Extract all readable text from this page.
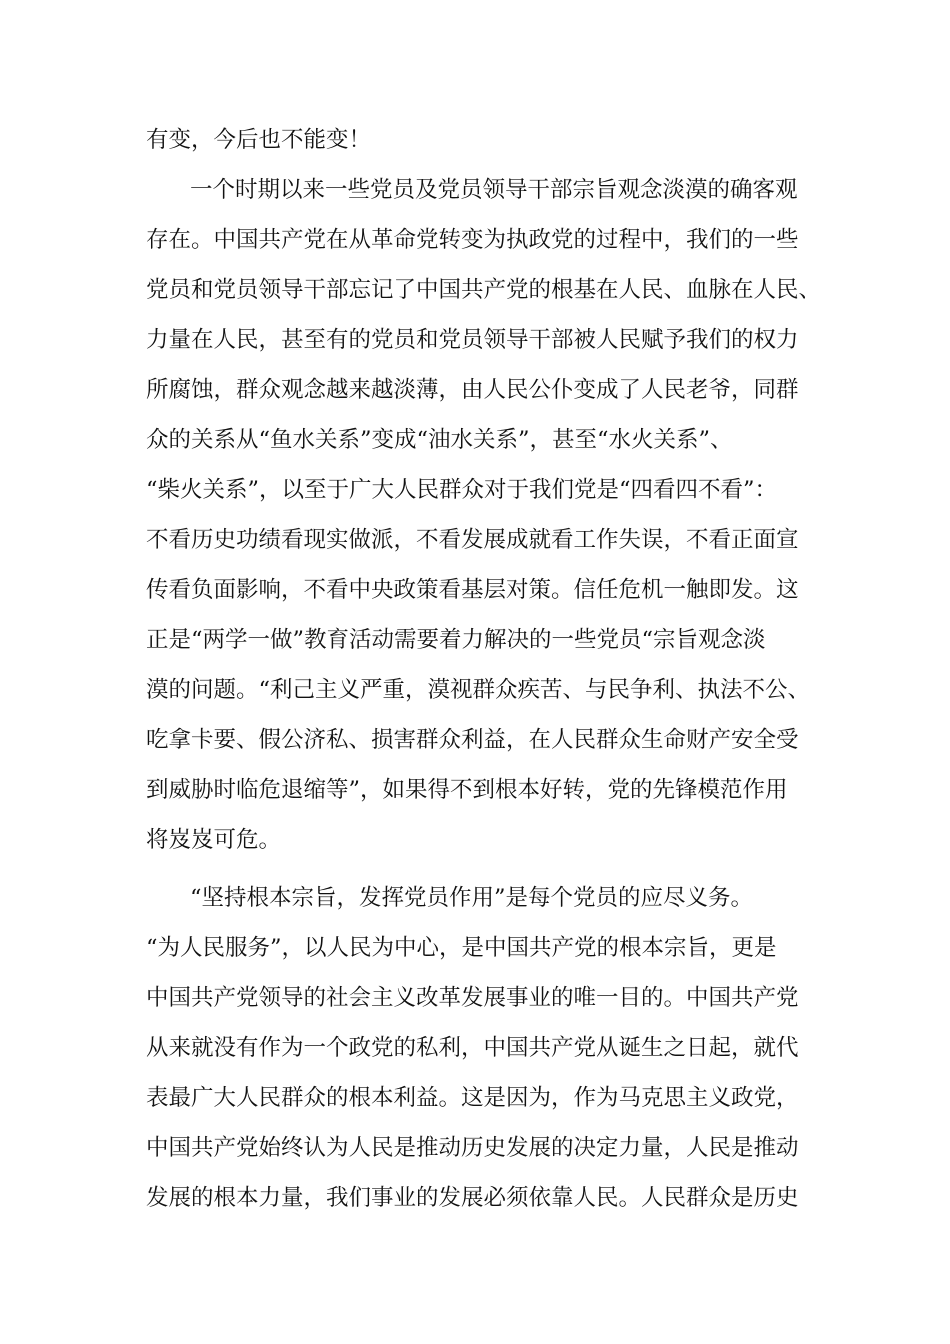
有变，今后也不能变！
一个时期以来一些党员及党员领导干部宗旨观念淡漠的确客观
存在。中国共产党在从革命党转变为执政党的过程中，我们的一些
党员和党员领导干部忘记了中国共产党的根基在人民、血脉在人民、
力量在人民，甚至有的党员和党员领导干部被人民赋予我们的权力
所腐蚀，群众观念越来越淡薄，由人民公仆变成了人民老爷，同群
众的关系从“鱼水关系”变成“油水关系”，甚至“水火关系”、
“柴火关系”，以至于广大人民群众对于我们党是“四看四不看”：
不看历史功绩看现实做派，不看发展成就看工作失误，不看正面宣
传看负面影响，不看中央政策看基层对策。信任危机一触即发。这
正是“两学一做”教育活动需要着力解决的一些党员“宗旨观念淡
漠的问题。“利己主义严重，漠视群众疾苦、与民争利、执法不公、
吃拿卡要、假公济私、损害群众利益，在人民群众生命财产安全受
到威胁时临危退缩等”，如果得不到根本好转，党的先锋模范作用
将岌岌可危。
“坚持根本宗旨，发挥党员作用”是每个党员的应尽义务。
“为人民服务”，以人民为中心，是中国共产党的根本宗旨，更是
中国共产党领导的社会主义改革发展事业的唯一目的。中国共产党
从来就没有作为一个政党的私利，中国共产党从诞生之日起，就代
表最广大人民群众的根本利益。这是因为，作为马克思主义政党，
中国共产党始终认为人民是推动历史发展的决定力量，人民是推动
发展的根本力量，我们事业的发展必须依靠人民。人民群众是历史
